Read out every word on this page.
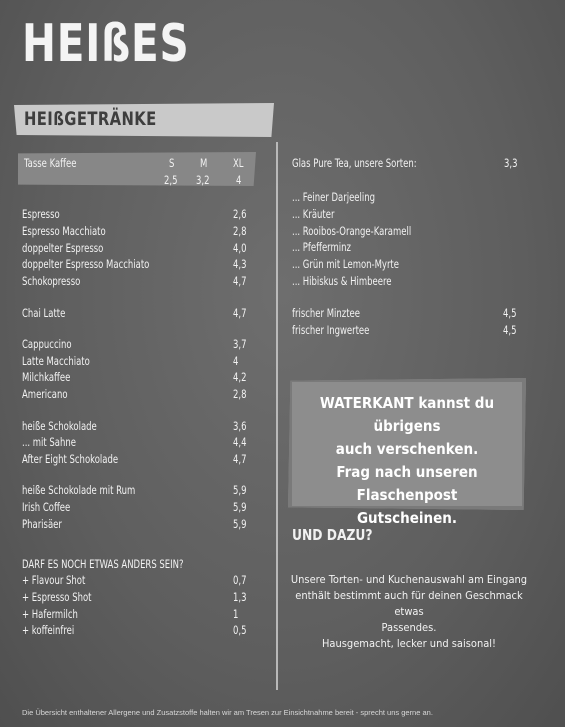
HEIßES
HEIßGETRÄNKE
Tasse Kaffee	S M XL
2,5 3,2 4
Espresso	2,6
Espresso Macchiato	2,8
doppelter Espresso	4,0
doppelter Espresso Macchiato	4,3
Schokopresso	4,7
Chai Latte	4,7
Cappuccino	3,7
Latte Macchiato	4
Milchkaffee	4,2
Americano	2,8
heiße Schokolade	3,6
... mit Sahne	4,4
After Eight Schokolade	4,7
heiße Schokolade mit Rum	5,9
Irish Coffee	5,9
Pharisäer	5,9
DARF ES NOCH ETWAS ANDERS SEIN?
+ Flavour Shot	0,7
+ Espresso Shot	1,3
+ Hafermilch	1
+ koffeinfrei	0,5
Glas Pure Tea, unsere Sorten:	3,3
... Feiner Darjeeling
... Kräuter
... Rooibos-Orange-Karamell
... Pfefferminz
... Grün mit Lemon-Myrte
... Hibiskus & Himbeere
frischer Minztee	4,5
frischer Ingwertee	4,5
WATERKANT kannst du übrigens
auch verschenken.
Frag nach unseren Flaschenpost
Gutscheinen.
UND DAZU?
Unsere Torten- und Kuchenauswahl am Eingang
enthält bestimmt auch für deinen Geschmack etwas
Passendes.
Hausgemacht, lecker und saisonal!
Die Übersicht enthaltener Allergene und Zusatzstoffe halten wir am Tresen zur Einsichtnahme bereit - sprecht uns gerne an.
